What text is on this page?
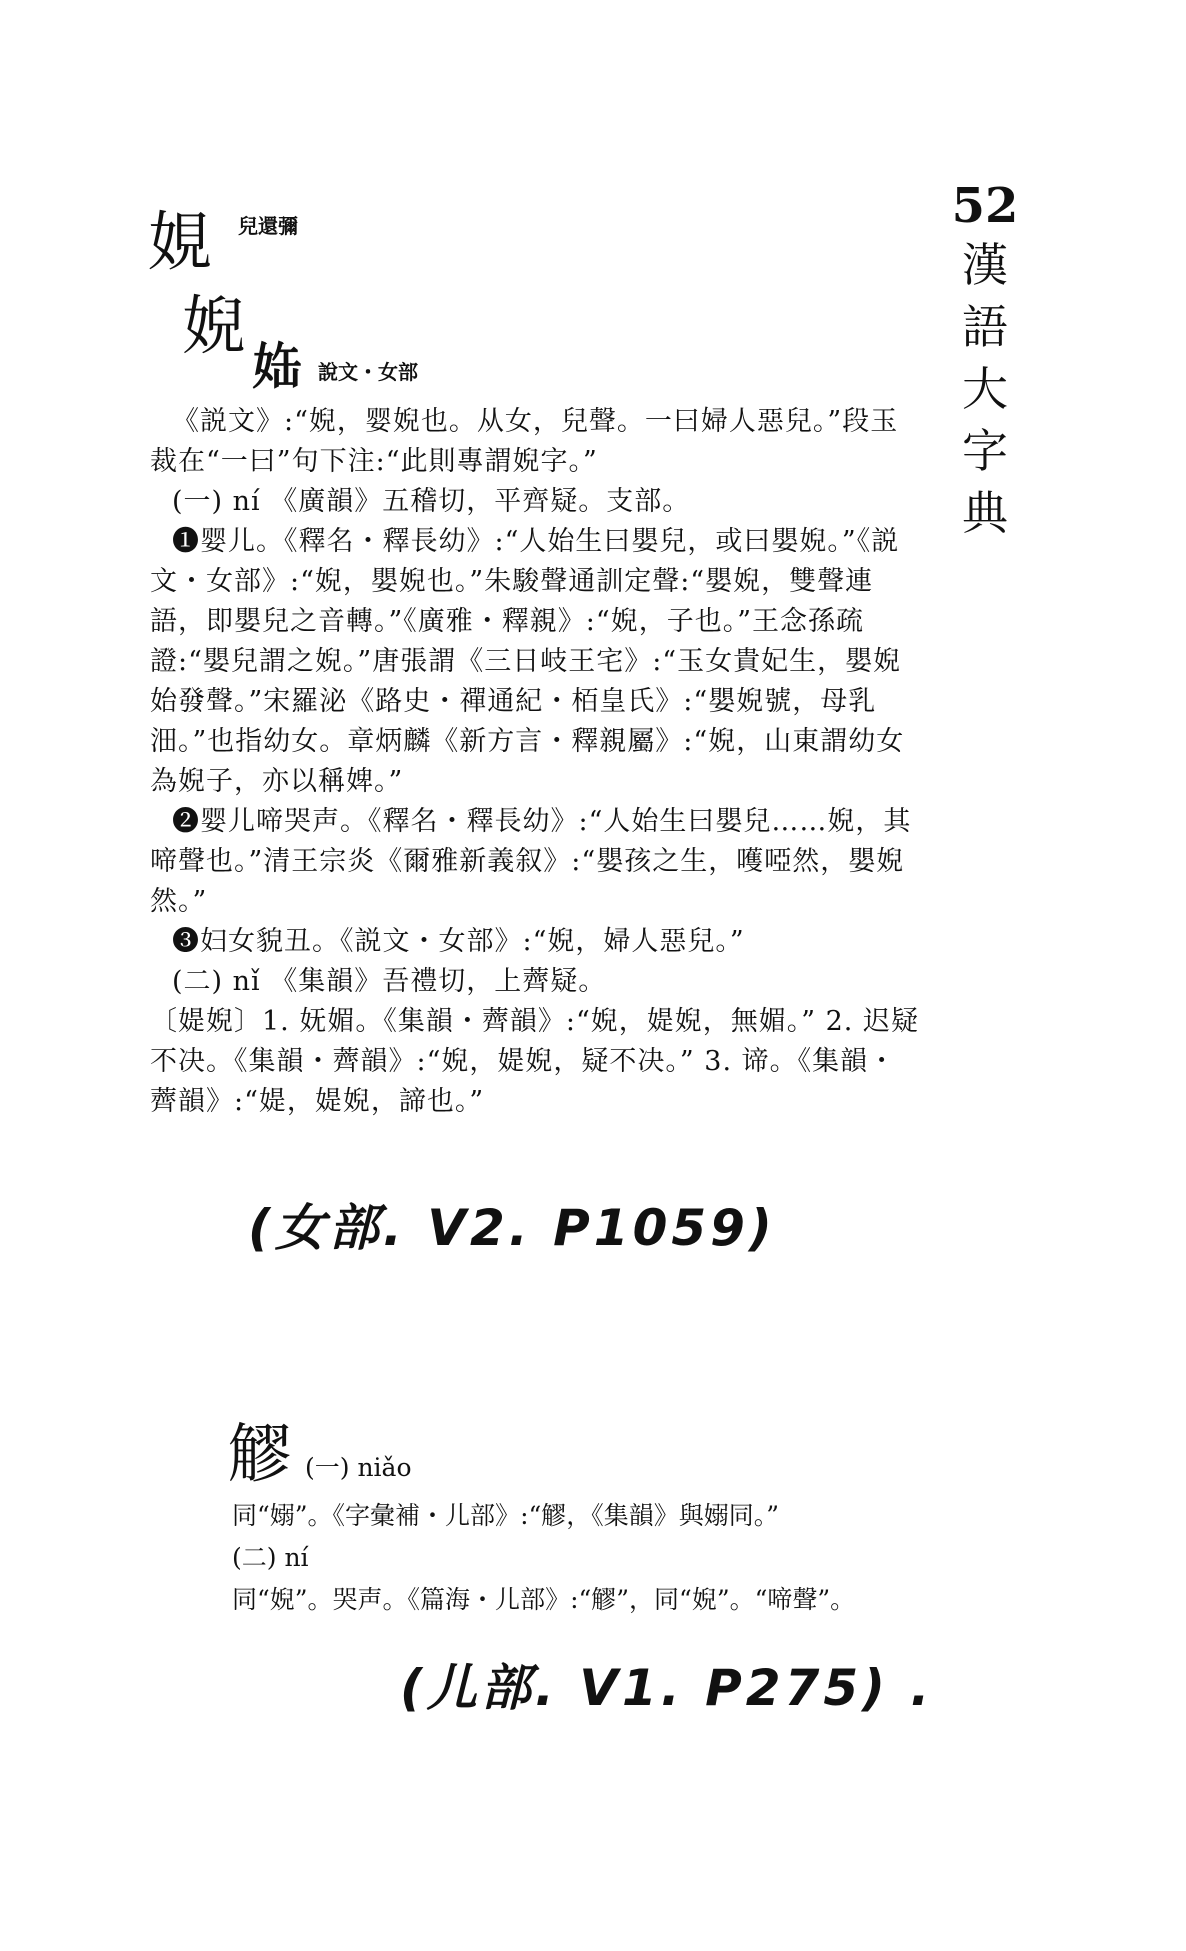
52
漢
語
大
字
典
娊 兒還彌
婗
𡜊 說文・女部

《説文》:“婗，婴婗也。从女，兒聲。一曰婦人惡兒。”段玉裁在“一曰”句下注:“此則專謂婗字。”

(一) ní 《廣韻》五稽切，平齊疑。支部。

❶婴儿。《釋名・釋長幼》:“人始生曰嬰兒，或曰嬰婗。”《説文・女部》:“婗，嬰婗也。”朱駿聲通訓定聲:“嬰婗，雙聲連語，即嬰兒之音轉。”《廣雅・釋親》:“婗，子也。”王念孫疏證:“嬰兒謂之婗。”唐張謂《三日岐王宅》:“玉女貴妃生，嬰婗始發聲。”宋羅泌《路史・禪通紀・栢皇氏》:“嬰婗號，母乳沺。”也指幼女。章炳麟《新方言・釋親屬》:“婗，山東謂幼女為婗子，亦以稱婢。”

❷婴儿啼哭声。《釋名・釋長幼》:“人始生曰嬰兒……婗，其啼聲也。”清王宗炎《爾雅新義叙》:“嬰孩之生，嚄啞然，嬰婗然。”

❸妇女貌丑。《説文・女部》:“婗，婦人惡兒。”

(二) nǐ 《集韻》吾禮切，上薺疑。

〔媞婗〕1. 妩媚。《集韻・薺韻》:“婗，媞婗，無媚。” 2. 迟疑不决。《集韻・薺韻》:“婗，媞婗，疑不决。” 3. 谛。《集韻・薺韻》:“媞，媞婗，諦也。”

(女部. V2. P1059)
䚧 (一) niǎo

同“嫋”。《字彙補・儿部》:“䚧，《集韻》與嫋同。”

(二) ní

同“婗”。哭声。《篇海・儿部》:“䚧”，同“婗”。“啼聲”。

(儿部. V1. P275) .
